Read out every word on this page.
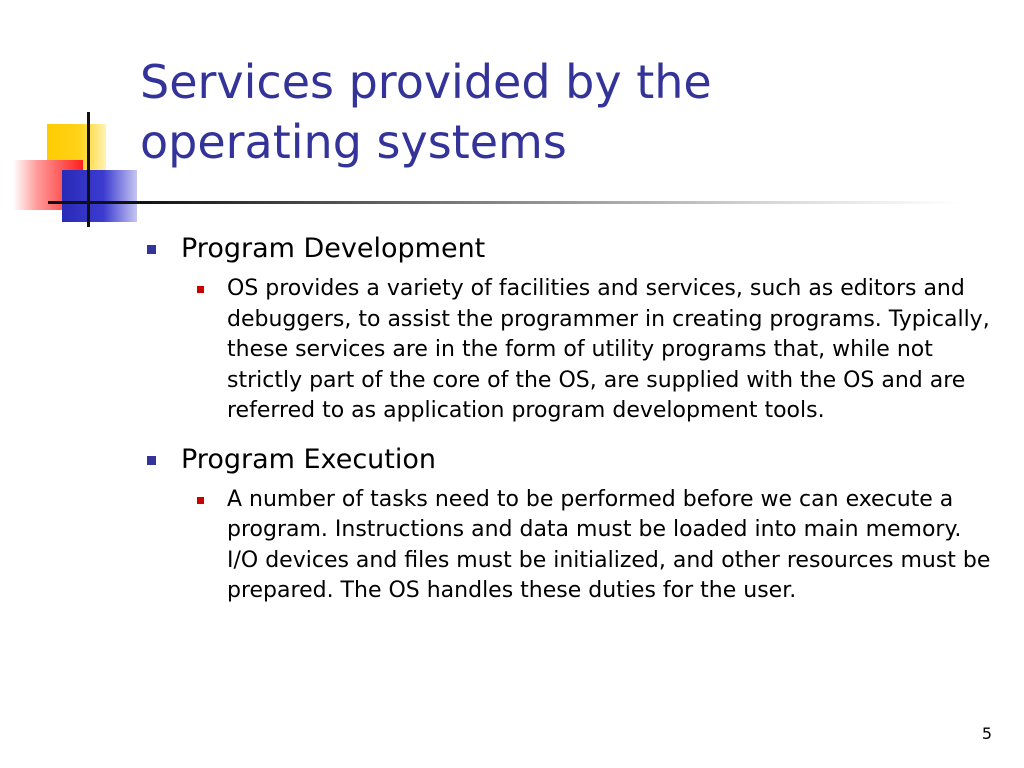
Services provided by the
operating systems
Program Development
OS provides a variety of facilities and services, such as editors and debuggers, to assist the programmer in creating programs. Typically, these services are in the form of utility programs that, while not strictly part of the core of the OS, are supplied with the OS and are referred to as application program development tools.
Program Execution
A number of tasks need to be performed before we can execute a program. Instructions and data must be loaded into main memory. I/O devices and files must be initialized, and other resources must be prepared. The OS handles these duties for the user.
5
